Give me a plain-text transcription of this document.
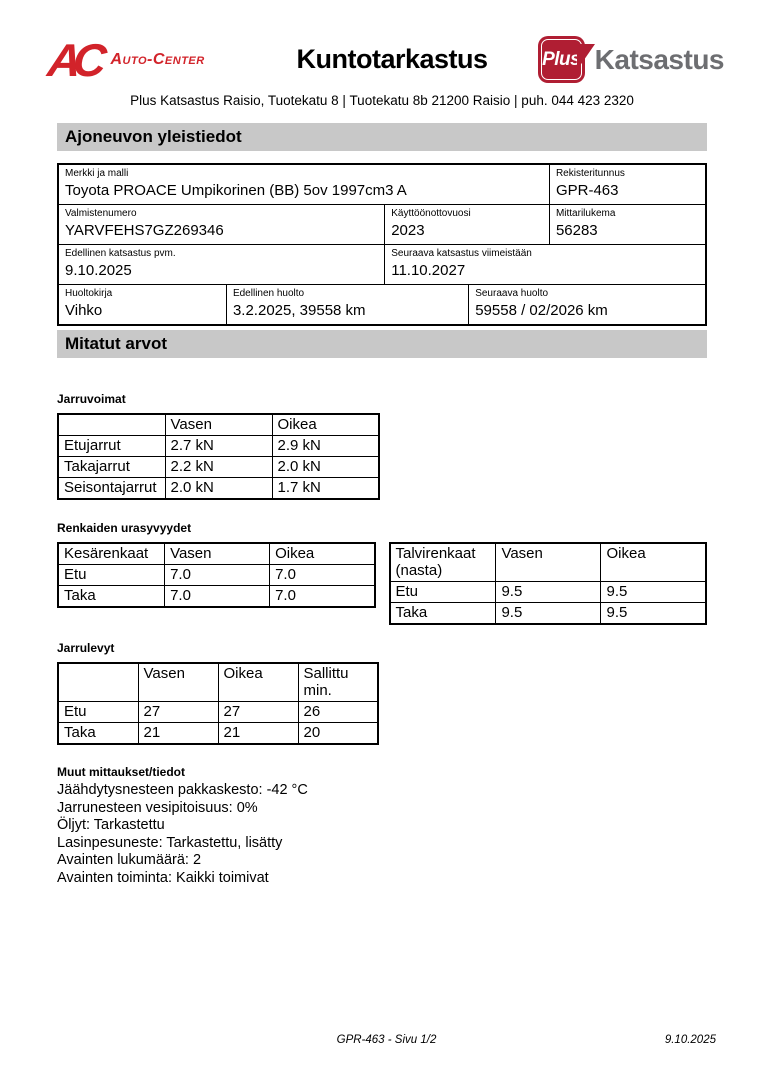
AC Auto-Center	Kuntotarkastus	Plus Katsastus
Plus Katsastus Raisio, Tuotekatu 8 | Tuotekatu 8b 21200 Raisio | puh. 044 423 2320
Ajoneuvon yleistiedot
Merkki ja malli
Toyota PROACE Umpikorinen (BB) 5ov 1997cm3 A
Rekisteritunnus
GPR-463
Valmistenumero
YARVFEHS7GZ269346
Käyttöönottovuosi
2023
Mittarilukema
56283
Edellinen katsastus pvm.
9.10.2025
Seuraava katsastus viimeistään
11.10.2027
Huoltokirja
Vihko
Edellinen huolto
3.2.2025, 39558 km
Seuraava huolto
59558 / 02/2026 km
Mitatut arvot
Jarruvoimat
	Vasen	Oikea
Etujarrut	2.7 kN	2.9 kN
Takajarrut	2.2 kN	2.0 kN
Seisontajarrut	2.0 kN	1.7 kN
Renkaiden urasyvyydet
Kesärenkaat	Vasen	Oikea
Etu	7.0	7.0
Taka	7.0	7.0
Talvirenkaat (nasta)	Vasen	Oikea
Etu	9.5	9.5
Taka	9.5	9.5
Jarrulevyt
	Vasen	Oikea	Sallittu min.
Etu	27	27	26
Taka	21	21	20
Muut mittaukset/tiedot
Jäähdytysnesteen pakkaskesto: -42 °C
Jarrunesteen vesipitoisuus: 0%
Öljyt: Tarkastettu
Lasinpesuneste: Tarkastettu, lisätty
Avainten lukumäärä: 2
Avainten toiminta: Kaikki toimivat
GPR-463 - Sivu 1/2	9.10.2025
